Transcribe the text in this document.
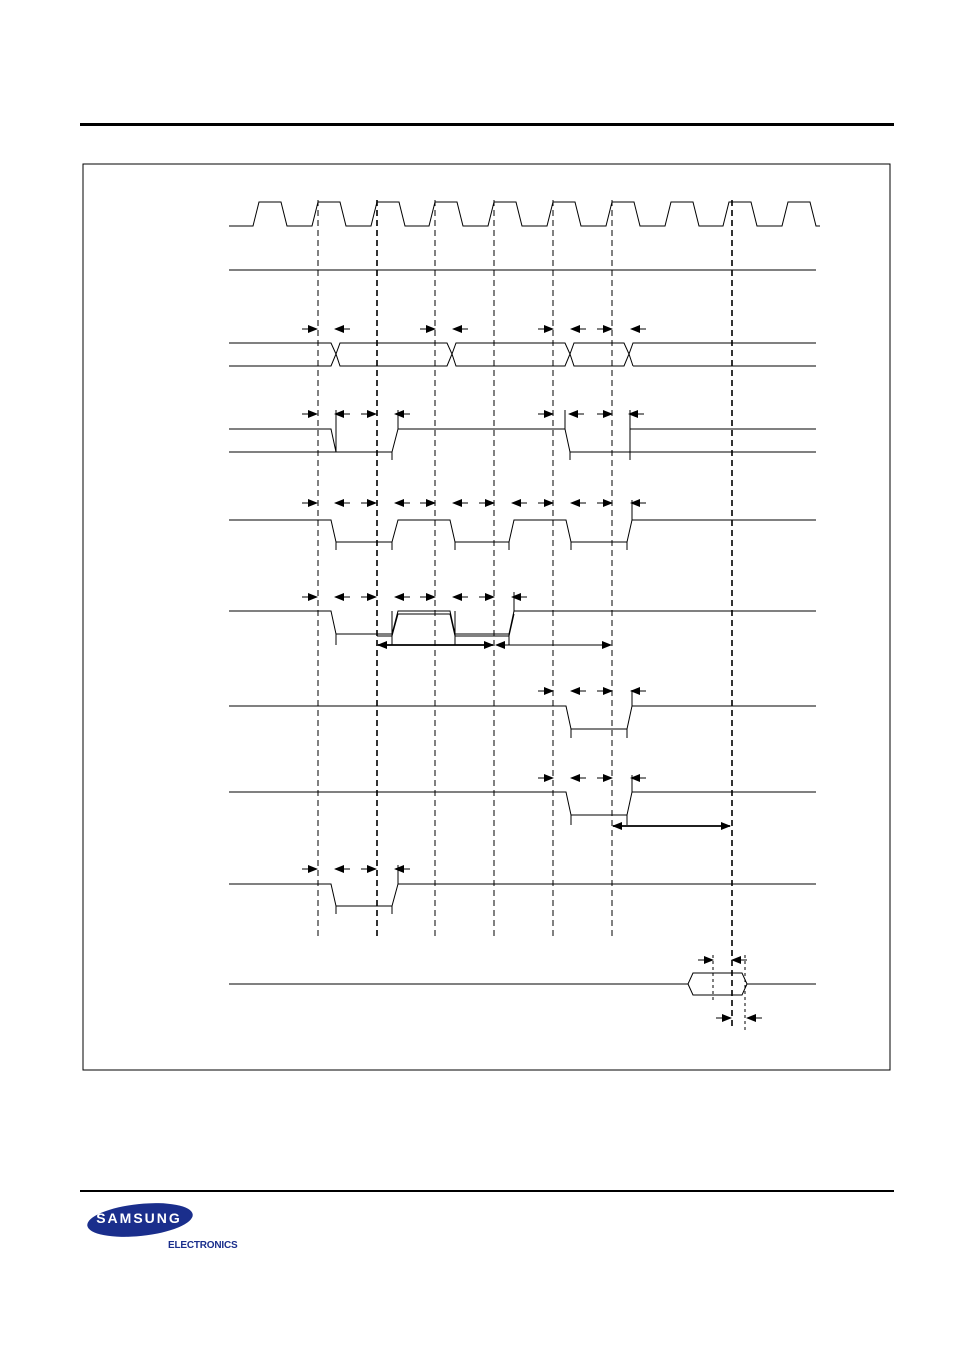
SAMSUNG
ELECTRONICS
